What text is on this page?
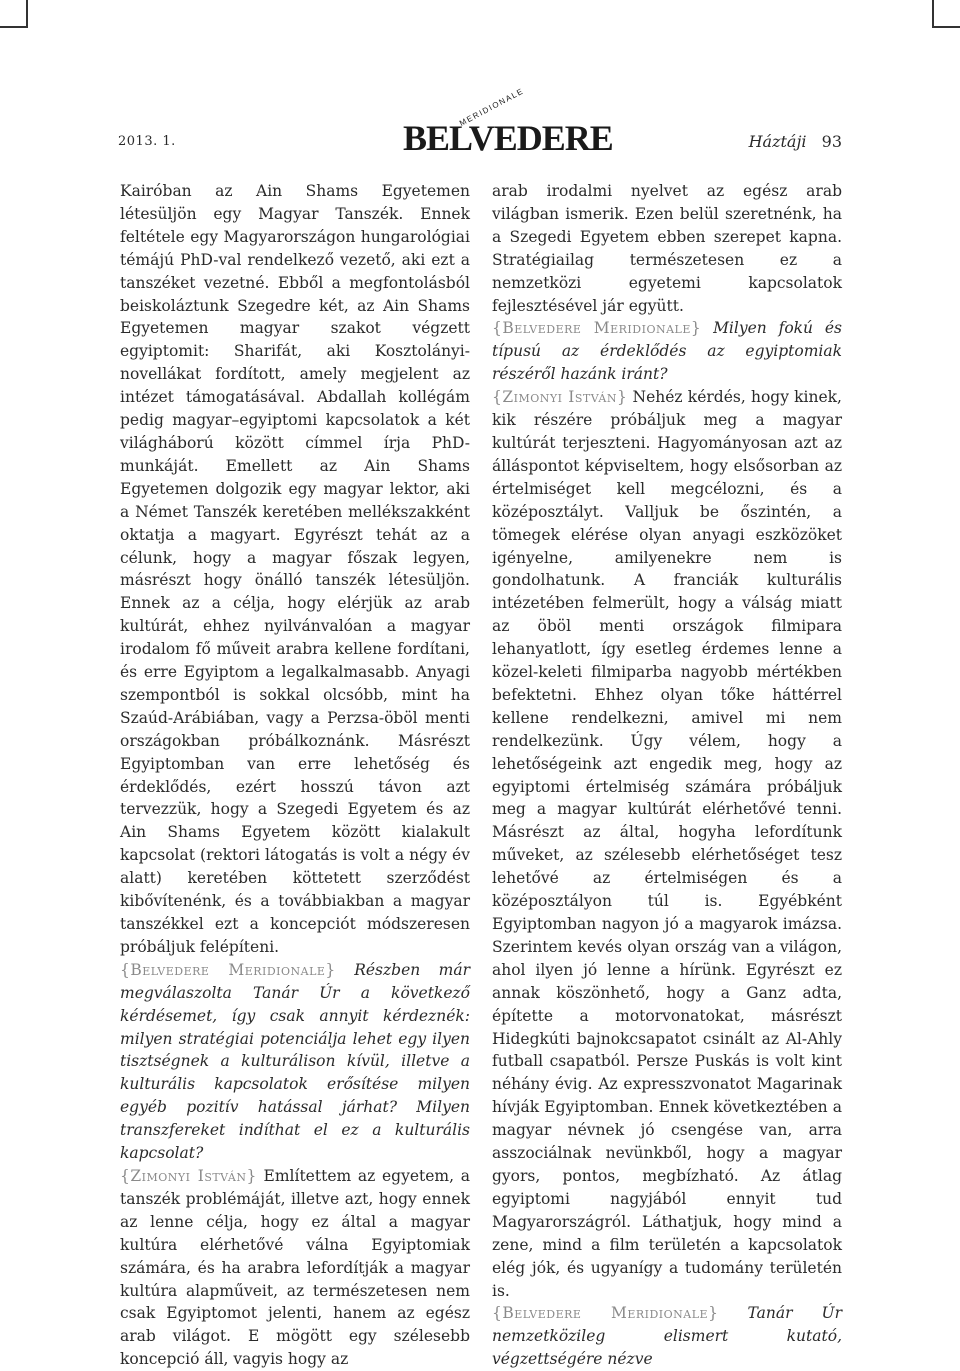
2013. 1.	BELVEDERE
MERIDIONALE
Háztáji 93

Kairóban az Ain Shams Egyetemen létesüljön egy Magyar Tanszék. Ennek feltétele egy Magyarországon hungarológiai témájú PhD-val rendelkező vezető, aki ezt a tanszéket vezetné. Ebből a megfontolásból beiskoláztunk Szegedre két, az Ain Shams Egyetemen magyar szakot végzett egyiptomit: Sharifát, aki Kosztolányi-novellákat fordított, amely megjelent az intézet támogatásával. Abdallah kollégám pedig magyar–egyiptomi kapcsolatok a két világháború között címmel írja PhD-munkáját. Emellett az Ain Shams Egyetemen dolgozik egy magyar lektor, aki a Német Tanszék keretében mellékszakként oktatja a magyart. Egyrészt tehát az a célunk, hogy a magyar főszak legyen, másrészt hogy önálló tanszék létesüljön. Ennek az a célja, hogy elérjük az arab kultúrát, ehhez nyilvánvalóan a magyar irodalom fő műveit arabra kellene fordítani, és erre Egyiptom a legalkalmasabb. Anyagi szempontból is sokkal olcsóbb, mint ha Szaúd-Arábiában, vagy a Perzsa-öböl menti országokban próbálkoznánk. Másrészt Egyiptomban van erre lehetőség és érdeklődés, ezért hosszú távon azt tervezzük, hogy a Szegedi Egyetem és az Ain Shams Egyetem között kialakult kapcsolat (rektori látogatás is volt a négy év alatt) keretében köttetett szerződést kibővítenénk, és a továbbiakban a magyar tanszékkel ezt a koncepciót módszeresen próbáljuk felépíteni.

{Belvedere Meridionale} Részben már megválaszolta Tanár Úr a következő kérdésemet, így csak annyit kérdeznék: milyen stratégiai potenciálja lehet egy ilyen tisztségnek a kulturálison kívül, illetve a kulturális kapcsolatok erősítése milyen egyéb pozitív hatással járhat? Milyen transzfereket indíthat el ez a kulturális kapcsolat?

{Zimonyi István} Említettem az egyetem, a tanszék problémáját, illetve azt, hogy ennek az lenne célja, hogy ez által a magyar kultúra elérhetővé válna Egyiptomiak számára, és ha arabra lefordítják a magyar kultúra alapműveit, az természetesen nem csak Egyiptomot jelenti, hanem az egész arab világot. E mögött egy szélesebb koncepció áll, vagyis hogy az

arab irodalmi nyelvet az egész arab világban ismerik. Ezen belül szeretnénk, ha a Szegedi Egyetem ebben szerepet kapna. Stratégiailag természetesen ez a nemzetközi egyetemi kapcsolatok fejlesztésével jár együtt.

{Belvedere Meridionale} Milyen fokú és típusú az érdeklődés az egyiptomiak részéről hazánk iránt?

{Zimonyi István} Nehéz kérdés, hogy kinek, kik részére próbáljuk meg a magyar kultúrát terjeszteni. Hagyományosan azt az álláspontot képviseltem, hogy elsősorban az értelmiséget kell megcélozni, és a középosztályt. Valljuk be őszintén, a tömegek elérése olyan anyagi eszközöket igényelne, amilyenekre nem is gondolhatunk. A franciák kulturális intézetében felmerült, hogy a válság miatt az öböl menti országok filmipara lehanyatlott, így esetleg érdemes lenne a közel-keleti filmiparba nagyobb mértékben befektetni. Ehhez olyan tőke háttérrel kellene rendelkezni, amivel mi nem rendelkezünk. Úgy vélem, hogy a lehetőségeink azt engedik meg, hogy az egyiptomi értelmiség számára próbáljuk meg a magyar kultúrát elérhetővé tenni. Másrészt az által, hogyha lefordítunk műveket, az szélesebb elérhetőséget tesz lehetővé az értelmiségen és a középosztályon túl is. Egyébként Egyiptomban nagyon jó a magyarok imázsa. Szerintem kevés olyan ország van a világon, ahol ilyen jó lenne a hírünk. Egyrészt ez annak köszönhető, hogy a Ganz adta, építette a motorvonatokat, másrészt Hidegkúti bajnokcsapatot csinált az Al-Ahly futball csapatból. Persze Puskás is volt kint néhány évig. Az expresszvonatot Magarinak hívják Egyiptomban. Ennek következtében a magyar névnek jó csengése van, arra asszociálnak nevünkből, hogy a magyar gyors, pontos, megbízható. Az átlag egyiptomi nagyjából ennyit tud Magyarországról. Láthatjuk, hogy mind a zene, mind a film területén a kapcsolatok elég jók, és ugyanígy a tudomány területén is.

{Belvedere Meridionale} Tanár Úr nemzetközileg elismert kutató, végzettségére nézve
